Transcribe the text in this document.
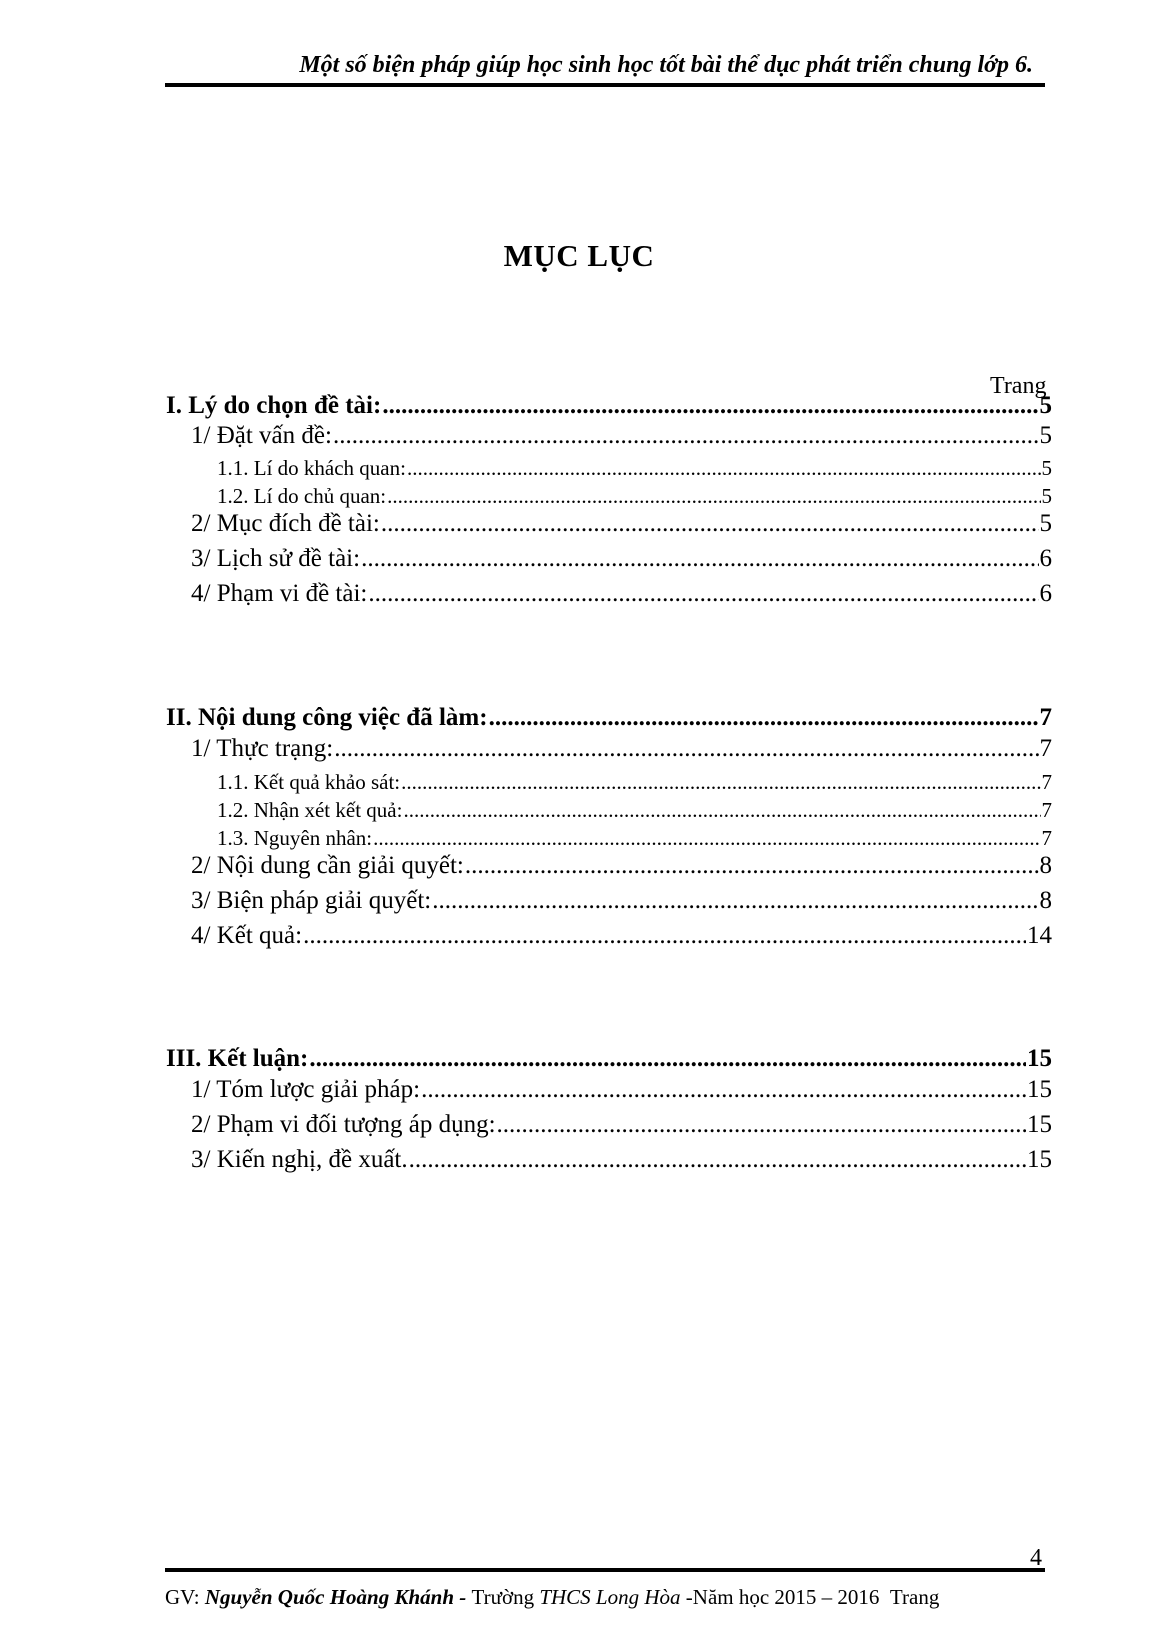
Một số biện pháp giúp học sinh học tốt bài thể dục phát triển chung lớp 6.
MỤC LỤC
Trang
I. Lý do chọn đề tài: .....	5
1/ Đặt vấn đề: .....	5
1.1. Lí do khách quan: .....	5
1.2. Lí do chủ quan: .....	5
2/ Mục đích đề tài: .....	5
3/ Lịch sử đề tài: .....	6
4/ Phạm vi đề tài: .....	6
II. Nội dung công việc đã làm: .....	7
1/ Thực trạng: .....	7
1.1. Kết quả khảo sát: .....	7
1.2. Nhận xét kết quả: .....	7
1.3. Nguyên nhân: .....	7
2/ Nội dung cần giải quyết: .....	8
3/ Biện pháp giải quyết: .....	8
4/ Kết quả: .....	14
III. Kết luận: .....	15
1/ Tóm lược giải pháp: .....	15
2/ Phạm vi đối tượng áp dụng: .....	15
3/ Kiến nghị, đề xuất. .....	15
4
GV: Nguyễn Quốc Hoàng Khánh - Trường THCS Long Hòa -Năm học 2015 – 2016 Trang
